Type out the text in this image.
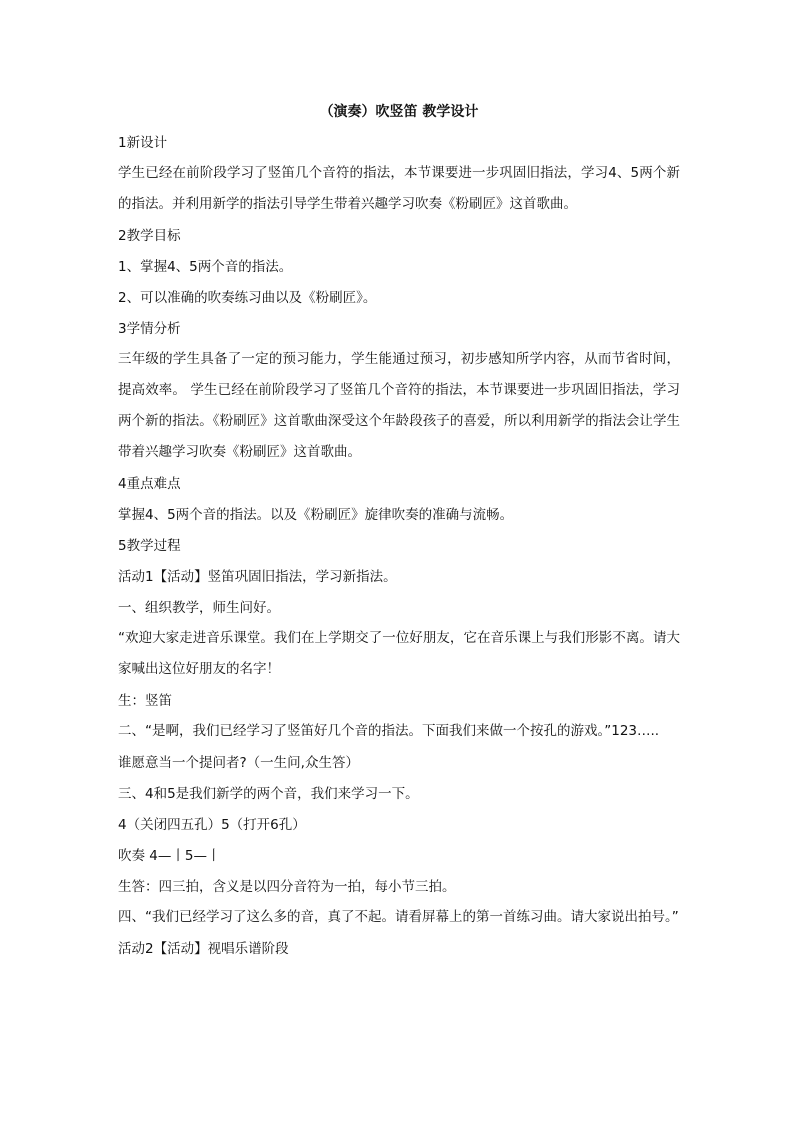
（演奏）吹竖笛 教学设计
1新设计
学生已经在前阶段学习了竖笛几个音符的指法，本节课要进一步巩固旧指法，学习4、5两个新的指法。并利用新学的指法引导学生带着兴趣学习吹奏《粉刷匠》这首歌曲。
2教学目标
1、掌握4、5两个音的指法。
2、可以准确的吹奏练习曲以及《粉刷匠》。
3学情分析
三年级的学生具备了一定的预习能力，学生能通过预习，初步感知所学内容，从而节省时间，提高效率。 学生已经在前阶段学习了竖笛几个音符的指法，本节课要进一步巩固旧指法，学习两个新的指法。《粉刷匠》这首歌曲深受这个年龄段孩子的喜爱，所以利用新学的指法会让学生带着兴趣学习吹奏《粉刷匠》这首歌曲。
4重点难点
掌握4、5两个音的指法。以及《粉刷匠》旋律吹奏的准确与流畅。
5教学过程
活动1【活动】竖笛巩固旧指法，学习新指法。
一、组织教学，师生问好。
“欢迎大家走进音乐课堂。我们在上学期交了一位好朋友，它在音乐课上与我们形影不离。请大家喊出这位好朋友的名字！
生：竖笛
二、“是啊，我们已经学习了竖笛好几个音的指法。下面我们来做一个按孔的游戏。”123…..
谁愿意当一个提问者?（一生问,众生答）
三、4和5是我们新学的两个音，我们来学习一下。
4（关闭四五孔）5（打开6孔）
吹奏 4—丨5—丨
生答：四三拍，含义是以四分音符为一拍，每小节三拍。
四、“我们已经学习了这么多的音，真了不起。请看屏幕上的第一首练习曲。请大家说出拍号。”
活动2【活动】视唱乐谱阶段
